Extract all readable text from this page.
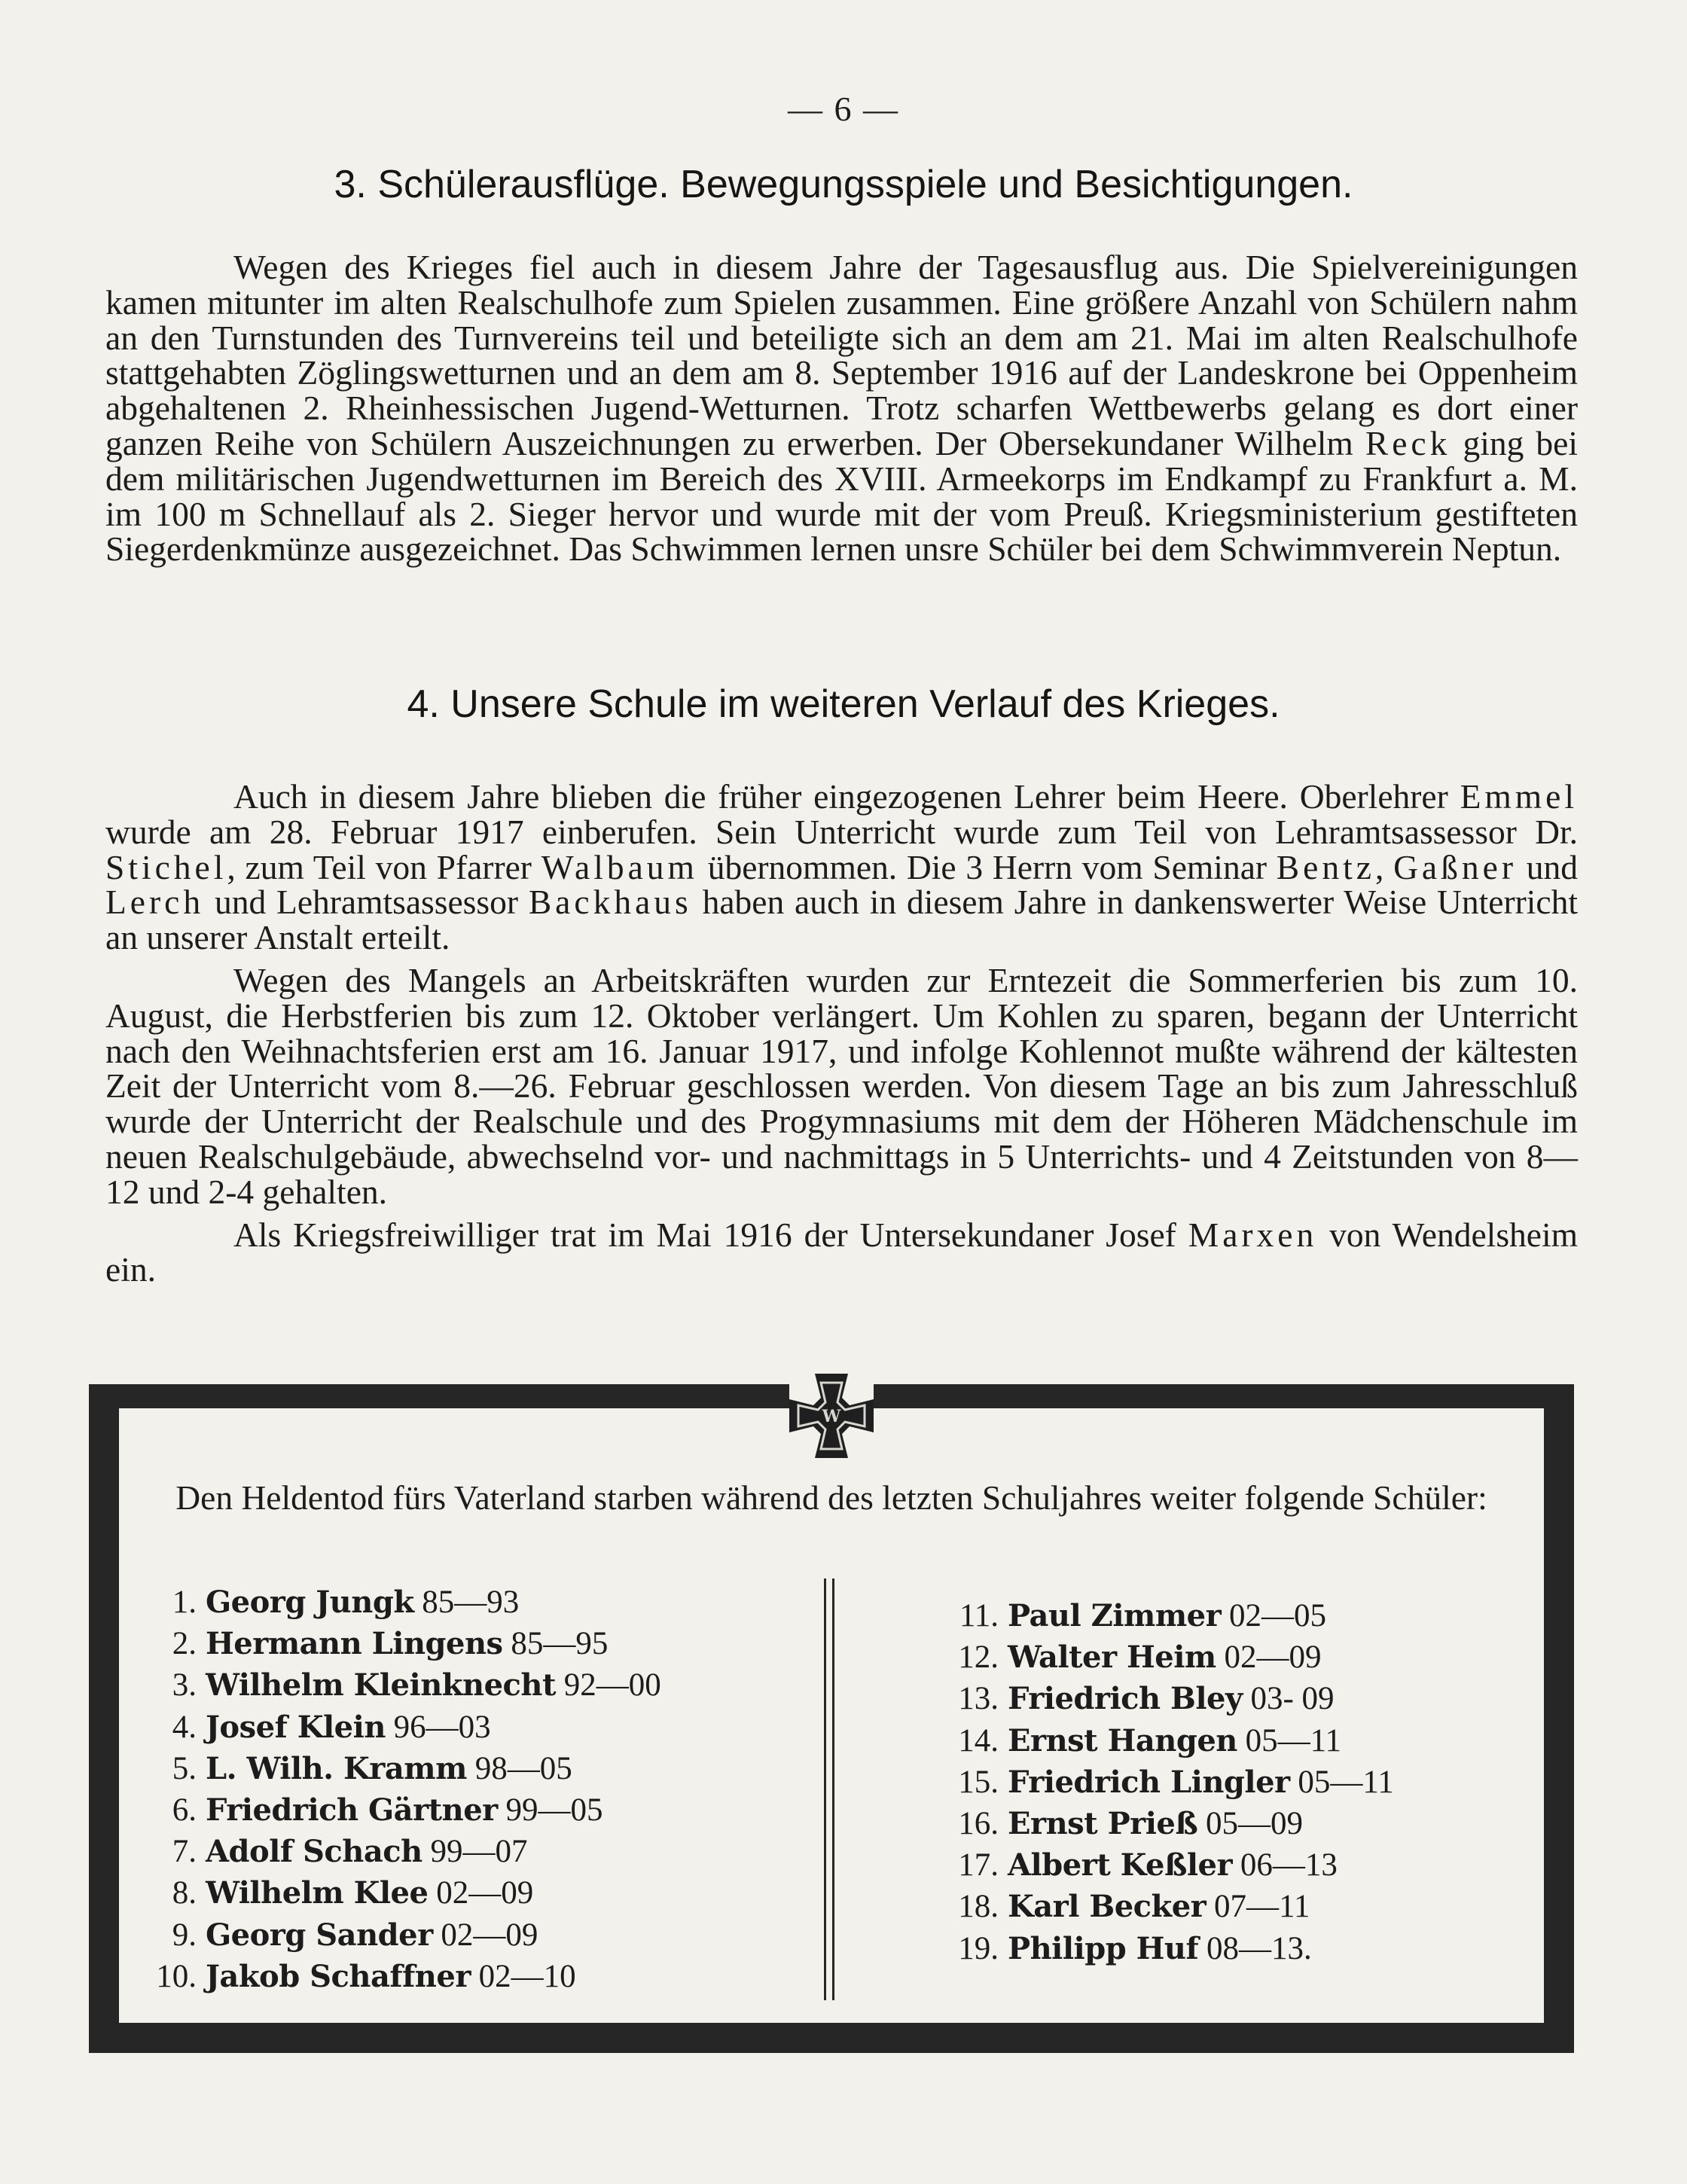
— 6 —
3. Schülerausflüge. Bewegungsspiele und Besichtigungen.

Wegen des Krieges fiel auch in diesem Jahre der Tagesausflug aus. Die Spielvereinigungen kamen mitunter im alten Realschulhofe zum Spielen zusammen. Eine größere Anzahl von Schülern nahm an den Turnstunden des Turnvereins teil und beteiligte sich an dem am 21. Mai im alten Realschulhofe stattgehabten Zöglingswetturnen und an dem am 8. September 1916 auf der Landeskrone bei Oppenheim abgehaltenen 2. Rheinhessischen Jugend-Wetturnen. Trotz scharfen Wettbewerbs gelang es dort einer ganzen Reihe von Schülern Auszeichnungen zu erwerben. Der Obersekundaner Wilhelm Reck ging bei dem militärischen Jugendwetturnen im Bereich des XVIII. Armeekorps im Endkampf zu Frankfurt a. M. im 100 m Schnellauf als 2. Sieger hervor und wurde mit der vom Preuß. Kriegsministerium gestifteten Siegerdenkmünze ausgezeichnet. Das Schwimmen lernen unsre Schüler bei dem Schwimmverein Neptun.

4. Unsere Schule im weiteren Verlauf des Krieges.

Auch in diesem Jahre blieben die früher eingezogenen Lehrer beim Heere. Oberlehrer Emmel wurde am 28. Februar 1917 einberufen. Sein Unterricht wurde zum Teil von Lehramtsassessor Dr. Stichel, zum Teil von Pfarrer Walbaum übernommen. Die 3 Herrn vom Seminar Bentz, Gaßner und Lerch und Lehramtsassessor Backhaus haben auch in diesem Jahre in dankenswerter Weise Unterricht an unserer Anstalt erteilt.

Wegen des Mangels an Arbeitskräften wurden zur Erntezeit die Sommerferien bis zum 10. August, die Herbstferien bis zum 12. Oktober verlängert. Um Kohlen zu sparen, begann der Unterricht nach den Weihnachtsferien erst am 16. Januar 1917, und infolge Kohlennot mußte während der kältesten Zeit der Unterricht vom 8.—26. Februar geschlossen werden. Von diesem Tage an bis zum Jahresschluß wurde der Unterricht der Realschule und des Progymnasiums mit dem der Höheren Mädchenschule im neuen Realschulgebäude, abwechselnd vor- und nachmittags in 5 Unterrichts- und 4 Zeitstunden von 8—12 und 2-4 gehalten.

Als Kriegsfreiwilliger trat im Mai 1916 der Untersekundaner Josef Marxen von Wendelsheim ein.

W
Den Heldentod fürs Vaterland starben während des letzten Schuljahres weiter folgende Schüler:
1. Georg Jungk 85—93
2. Hermann Lingens 85—95
3. Wilhelm Kleinknecht 92—00
4. Josef Klein 96—03
5. L. Wilh. Kramm 98—05
6. Friedrich Gärtner 99—05
7. Adolf Schach 99—07
8. Wilhelm Klee 02—09
9. Georg Sander 02—09
10. Jakob Schaffner 02—10
11. Paul Zimmer 02—05
12. Walter Heim 02—09
13. Friedrich Bley 03- 09
14. Ernst Hangen 05—11
15. Friedrich Lingler 05—11
16. Ernst Prieß 05—09
17. Albert Keßler 06—13
18. Karl Becker 07—11
19. Philipp Huf 08—13.
